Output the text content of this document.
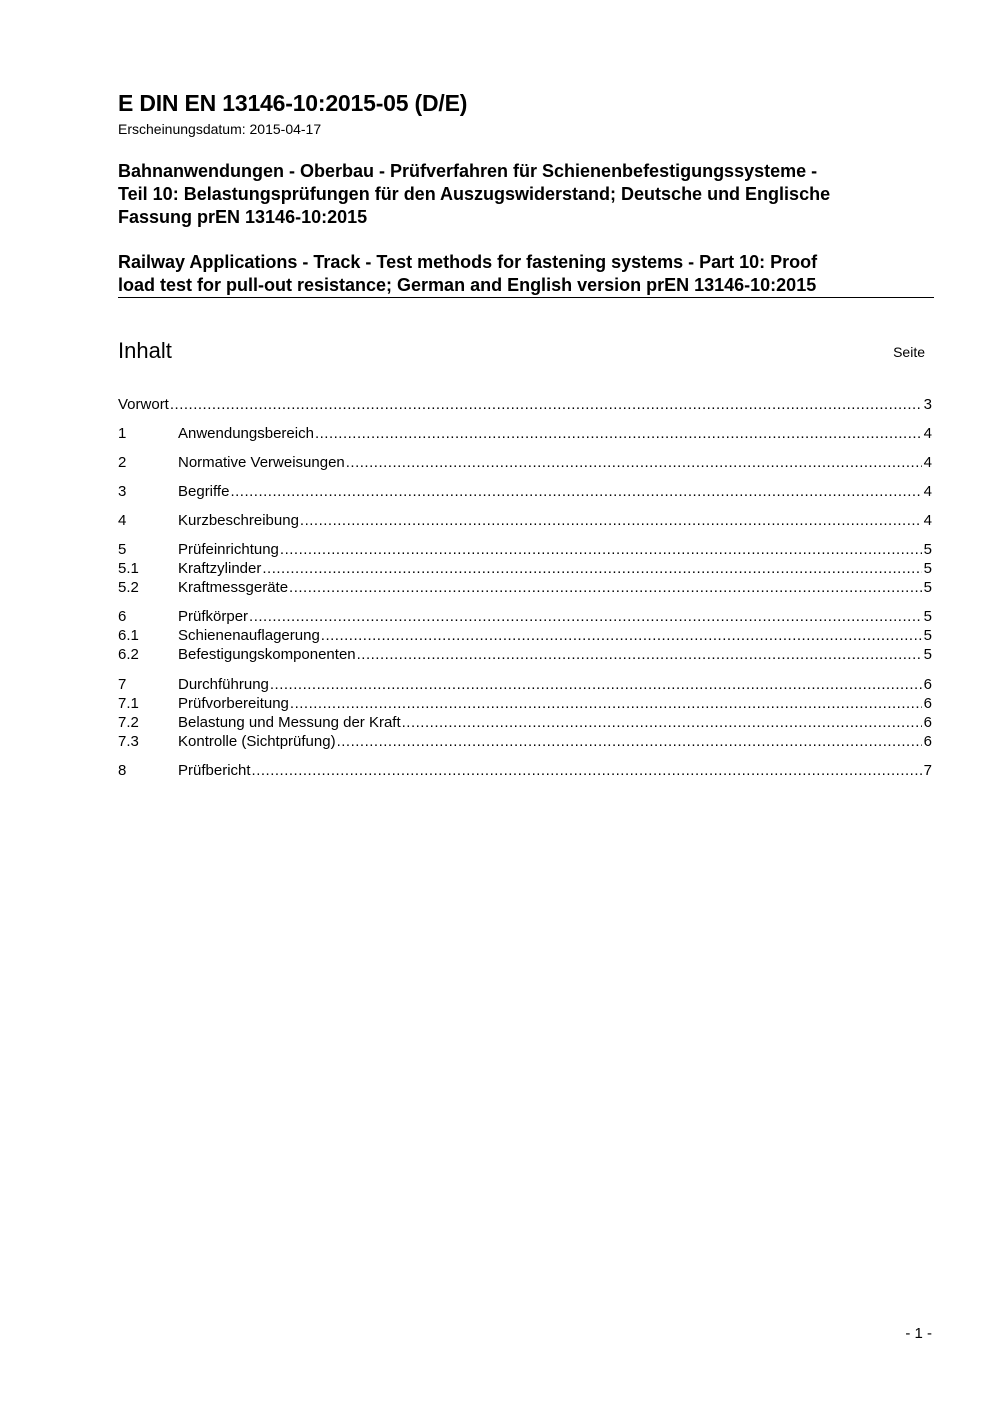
E DIN EN 13146-10:2015-05 (D/E)
Erscheinungsdatum: 2015-04-17
Bahnanwendungen - Oberbau - Prüfverfahren für Schienenbefestigungssysteme -
Teil 10: Belastungsprüfungen für den Auszugswiderstand; Deutsche und Englische
Fassung prEN 13146-10:2015
Railway Applications - Track - Test methods for fastening systems - Part 10: Proof
load test for pull-out resistance; German and English version prEN 13146-10:2015
Inhalt	Seite
Vorwort .....	3
1	Anwendungsbereich .....	4
2	Normative Verweisungen .....	4
3	Begriffe .....	4
4	Kurzbeschreibung .....	4
5	Prüfeinrichtung .....	5
5.1	Kraftzylinder .....	5
5.2	Kraftmessgeräte .....	5
6	Prüfkörper .....	5
6.1	Schienenauflagerung .....	5
6.2	Befestigungskomponenten .....	5
7	Durchführung .....	6
7.1	Prüfvorbereitung .....	6
7.2	Belastung und Messung der Kraft .....	6
7.3	Kontrolle (Sichtprüfung) .....	6
8	Prüfbericht .....	7
- 1 -
